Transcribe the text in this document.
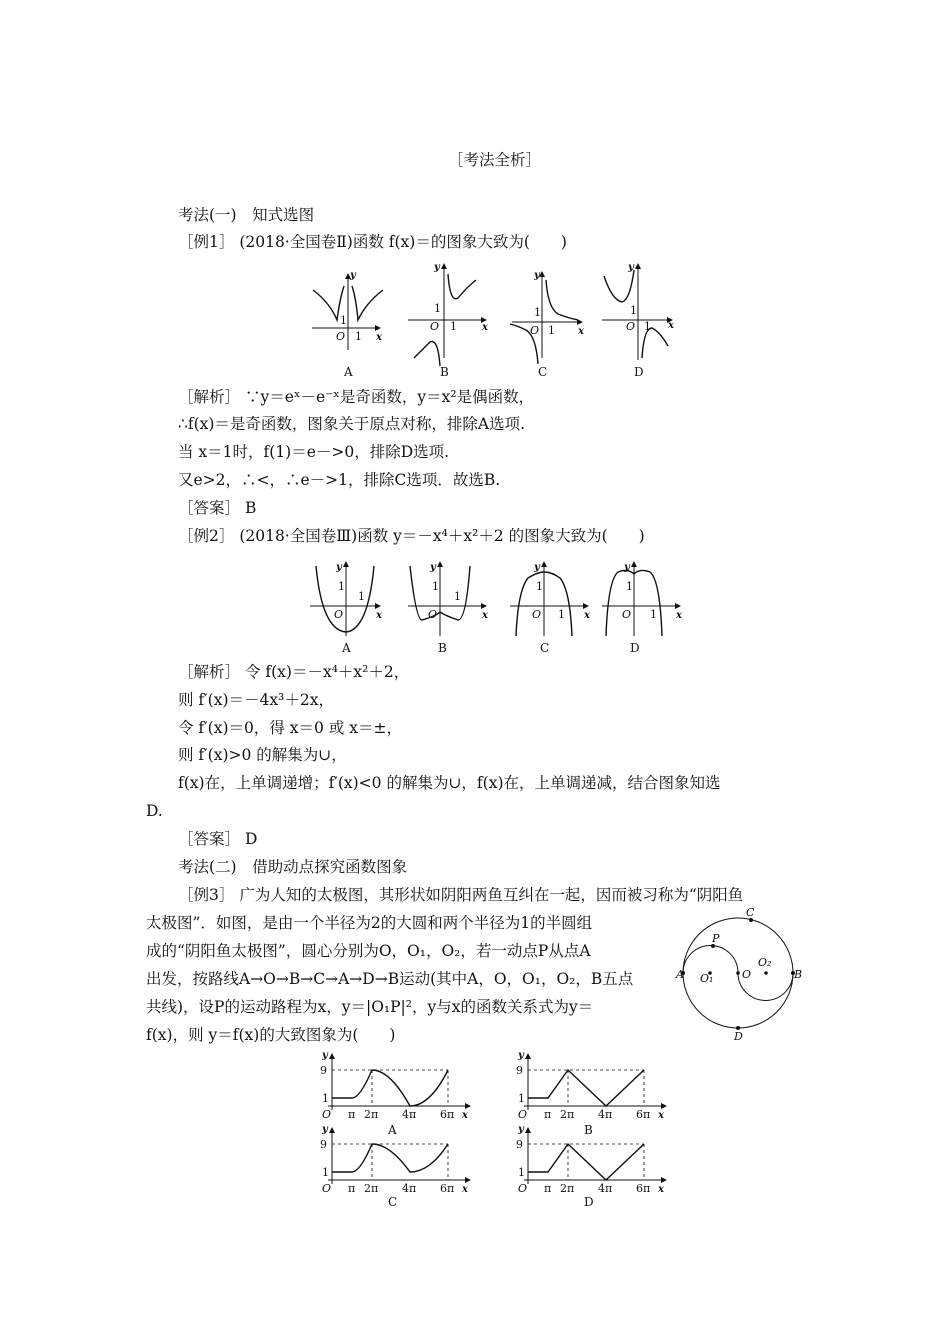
［考法全析］
考法(一)　知式选图
［例1］ (2018·全国卷Ⅱ)函数 f(x)＝的图象大致为(　　)
y
x
O
1
1
A
y
x
O
1
1
B
y
x
O
1
1
C
y
x
O
1
1
D
［解析］ ∵y＝eˣ－e⁻ˣ是奇函数，y＝x²是偶函数，
∴f(x)＝是奇函数，图象关于原点对称，排除A选项.
当 x＝1时，f(1)＝e－>0，排除D选项.
又e>2，∴<，∴e－>1，排除C选项．故选B.
［答案］ B
［例2］ (2018·全国卷Ⅲ)函数 y＝－x⁴＋x²＋2 的图象大致为(　　)
y
x
O
1
1
A
y
x
O
1
1
B
y
x
O
1
1
C
y
x
O
1
1
D
［解析］ 令 f(x)＝－x⁴＋x²＋2，
则 f′(x)＝－4x³＋2x，
令 f′(x)＝0，得 x＝0 或 x＝±，
则 f′(x)>0 的解集为∪，
f(x)在，上单调递增；f′(x)<0 的解集为∪，f(x)在，上单调递减，结合图象知选
D.
［答案］ D
考法(二)　借助动点探究函数图象
［例3］ 广为人知的太极图，其形状如阴阳两鱼互纠在一起，因而被习称为“阴阳鱼
太极图”．如图，是由一个半径为2的大圆和两个半径为1的半圆组
成的“阴阳鱼太极图”，圆心分别为O，O₁，O₂，若一动点P从点A
出发，按路线A→O→B→C→A→D→B运动(其中A，O，O₁，O₂，B五点
共线)，设P的运动路程为x，y＝|O₁P|²，y与x的函数关系式为y＝
f(x)，则 y＝f(x)的大致图象为(　　)
A	B
C
D
P
O
O₁
O₂
y
9
1
O π 2π 4π 6π x
A
y
9
1
O π 2π 4π 6π x
B
y
9
1
O π 2π 4π 6π x
C
y
9
1
O π 2π 4π 6π x
D
